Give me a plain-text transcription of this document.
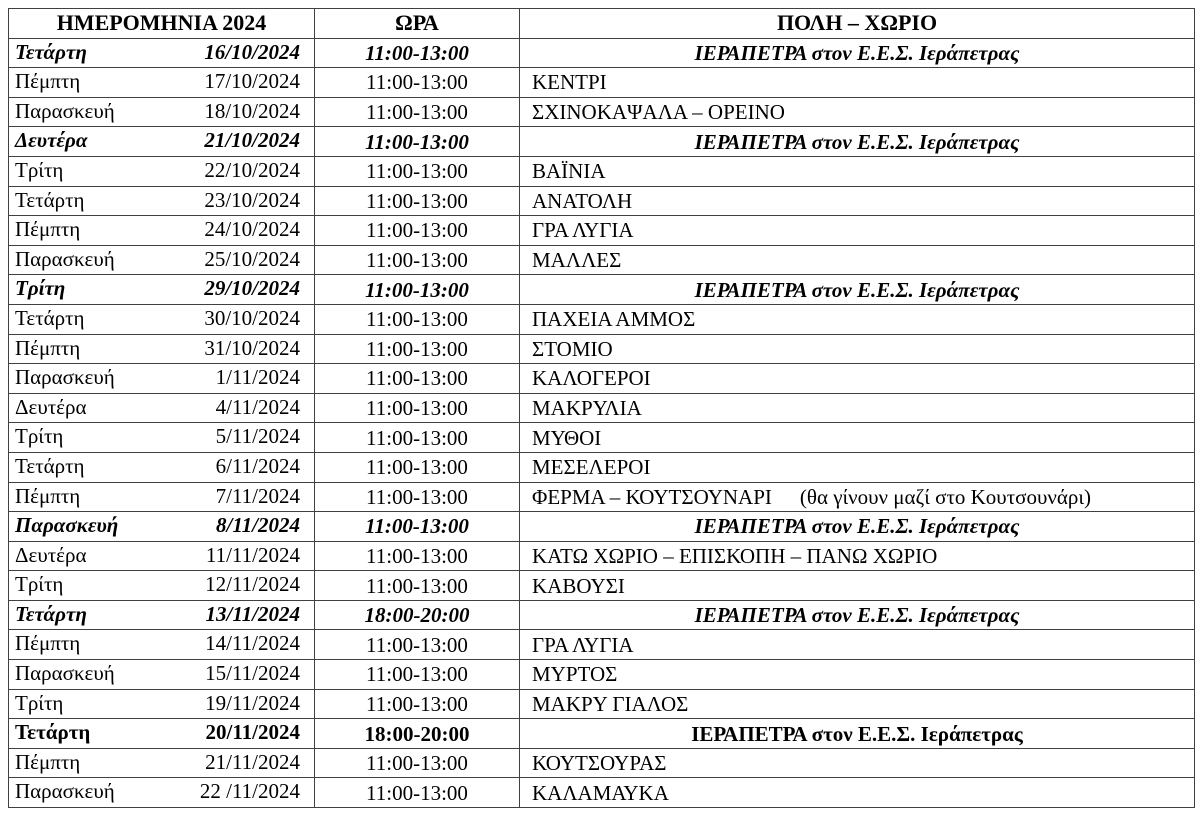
ΗΜΕΡΟΜΗΝΙΑ 2024	ΩΡΑ	ΠΟΛΗ – ΧΩΡΙΟ

Τετάρτη 16/10/2024	11:00-13:00	ΙΕΡΑΠΕΤΡΑ στον Ε.Ε.Σ. Ιεράπετρας

Πέμπτη 17/10/2024	11:00-13:00	ΚΕΝΤΡΙ

Παρασκευή 18/10/2024	11:00-13:00	ΣΧΙΝΟΚΑΨΑΛΑ – ΟΡΕΙΝΟ

Δευτέρα 21/10/2024	11:00-13:00	ΙΕΡΑΠΕΤΡΑ στον Ε.Ε.Σ. Ιεράπετρας

Τρίτη 22/10/2024	11:00-13:00	ΒΑΪΝΙΑ

Τετάρτη 23/10/2024	11:00-13:00	ΑΝΑΤΟΛΗ

Πέμπτη 24/10/2024	11:00-13:00	ΓΡΑ ΛΥΓΙΑ

Παρασκευή 25/10/2024	11:00-13:00	ΜΑΛΛΕΣ

Τρίτη 29/10/2024	11:00-13:00	ΙΕΡΑΠΕΤΡΑ στον Ε.Ε.Σ. Ιεράπετρας

Τετάρτη 30/10/2024	11:00-13:00	ΠΑΧΕΙΑ ΑΜΜΟΣ

Πέμπτη 31/10/2024	11:00-13:00	ΣΤΟΜΙΟ

Παρασκευή 1/11/2024	11:00-13:00	ΚΑΛΟΓΕΡΟΙ

Δευτέρα 4/11/2024	11:00-13:00	ΜΑΚΡΥΛΙΑ

Τρίτη 5/11/2024	11:00-13:00	ΜΥΘΟΙ

Τετάρτη 6/11/2024	11:00-13:00	ΜΕΣΕΛΕΡΟΙ

Πέμπτη 7/11/2024	11:00-13:00	ΦΕΡΜΑ – ΚΟΥΤΣΟΥΝΑΡΙ (θα γίνουν μαζί στο Κουτσουνάρι)

Παρασκευή 8/11/2024	11:00-13:00	ΙΕΡΑΠΕΤΡΑ στον Ε.Ε.Σ. Ιεράπετρας

Δευτέρα 11/11/2024	11:00-13:00	ΚΑΤΩ ΧΩΡΙΟ – ΕΠΙΣΚΟΠΗ – ΠΑΝΩ ΧΩΡΙΟ

Τρίτη 12/11/2024	11:00-13:00	ΚΑΒΟΥΣΙ

Τετάρτη 13/11/2024	18:00-20:00	ΙΕΡΑΠΕΤΡΑ στον Ε.Ε.Σ. Ιεράπετρας

Πέμπτη 14/11/2024	11:00-13:00	ΓΡΑ ΛΥΓΙΑ

Παρασκευή 15/11/2024	11:00-13:00	ΜΥΡΤΟΣ

Τρίτη 19/11/2024	11:00-13:00	ΜΑΚΡΥ ΓΙΑΛΟΣ

Τετάρτη 20/11/2024	18:00-20:00	ΙΕΡΑΠΕΤΡΑ στον Ε.Ε.Σ. Ιεράπετρας

Πέμπτη 21/11/2024	11:00-13:00	ΚΟΥΤΣΟΥΡΑΣ

Παρασκευή 22 /11/2024	11:00-13:00	ΚΑΛΑΜΑΥΚΑ
